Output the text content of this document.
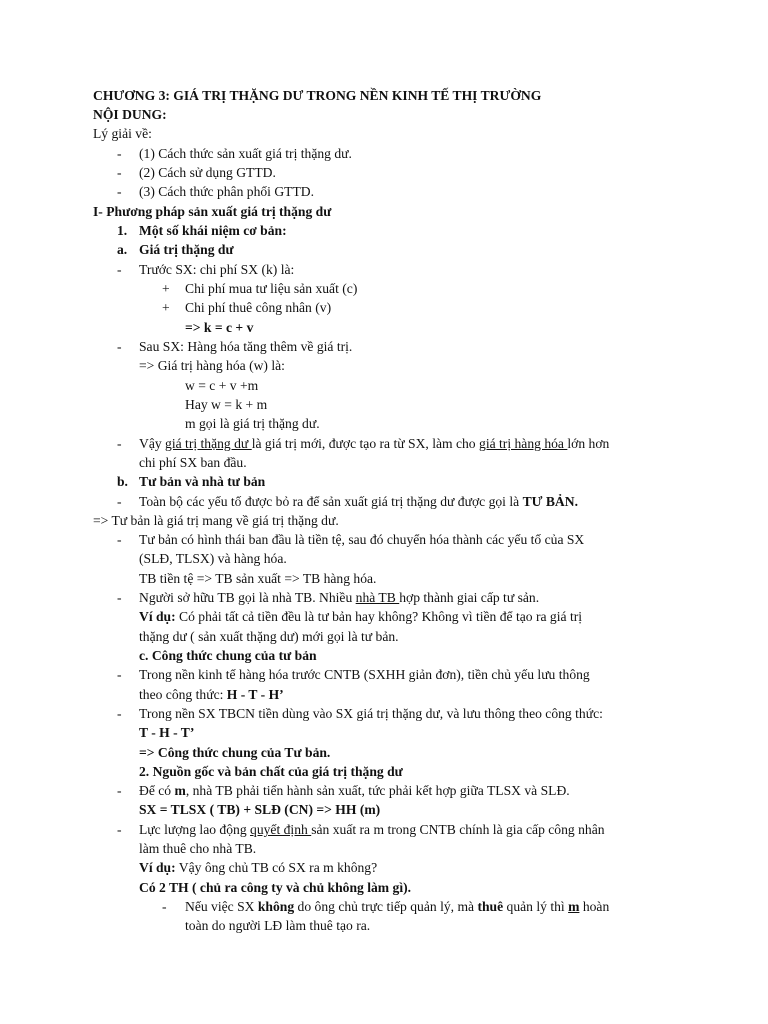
CHƯƠNG 3: GIÁ TRỊ THẶNG DƯ TRONG NỀN KINH TẾ THỊ TRƯỜNG
NỘI DUNG:
Lý giải về:
- (1) Cách thức sản xuất giá trị thặng dư.
- (2) Cách sử dụng GTTD.
- (3) Cách thức phân phối GTTD.
I- Phương pháp sản xuất giá trị thặng dư
1. Một số khái niệm cơ bản:
a. Giá trị thặng dư
- Trước SX: chi phí SX (k) là:
+ Chi phí mua tư liệu sản xuất (c)
+ Chi phí thuê công nhân (v)
=> k = c + v
- Sau SX: Hàng hóa tăng thêm về giá trị.
=> Giá trị hàng hóa (w) là:
w = c + v +m
Hay w = k + m
m gọi là giá trị thặng dư.
- Vậy giá trị thặng dư là giá trị mới, được tạo ra từ SX, làm cho giá trị hàng hóa lớn hơn
chi phí SX ban đầu.
b. Tư bản và nhà tư bản
- Toàn bộ các yếu tố được bỏ ra để sản xuất giá trị thặng dư được gọi là TƯ BẢN.
=> Tư bản là giá trị mang về giá trị thặng dư.
- Tư bản có hình thái ban đầu là tiền tệ, sau đó chuyển hóa thành các yếu tố của SX
(SLĐ, TLSX) và hàng hóa.
TB tiền tệ => TB sản xuất => TB hàng hóa.
- Người sở hữu TB gọi là nhà TB. Nhiều nhà TB hợp thành giai cấp tư sản.
Ví dụ: Có phải tất cả tiền đều là tư bản hay không? Không vì tiền để tạo ra giá trị
thặng dư ( sản xuất thặng dư) mới gọi là tư bản.
c. Công thức chung của tư bản
- Trong nền kinh tế hàng hóa trước CNTB (SXHH giản đơn), tiền chủ yếu lưu thông
theo công thức: H - T - H’
- Trong nền SX TBCN tiền dùng vào SX giá trị thặng dư, và lưu thông theo công thức:
T - H - T’
=> Công thức chung của Tư bản.
2. Nguồn gốc và bản chất của giá trị thặng dư
- Để có m, nhà TB phải tiến hành sản xuất, tức phải kết hợp giữa TLSX và SLĐ.
SX = TLSX ( TB) + SLĐ (CN) => HH (m)
- Lực lượng lao động quyết định sản xuất ra m trong CNTB chính là gia cấp công nhân
làm thuê cho nhà TB.
Ví dụ: Vậy ông chủ TB có SX ra m không?
Có 2 TH ( chủ ra công ty và chủ không làm gì).
- Nếu việc SX không do ông chủ trực tiếp quản lý, mà thuê quản lý thì m hoàn
toàn do người LĐ làm thuê tạo ra.
